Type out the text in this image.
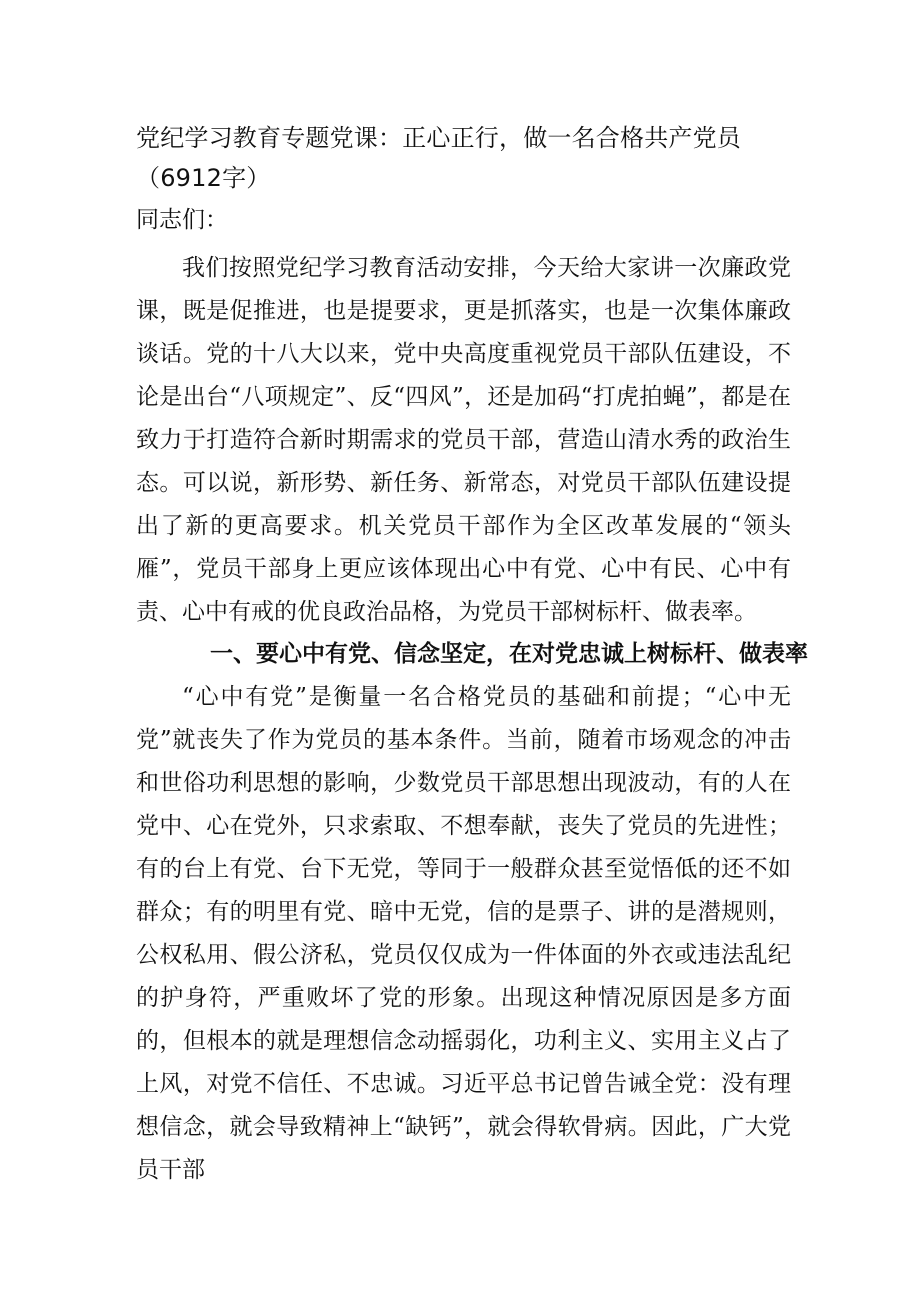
党纪学习教育专题党课：正心正行，做一名合格共产党员（6912字）
同志们：
我们按照党纪学习教育活动安排，今天给大家讲一次廉政党课，既是促推进，也是提要求，更是抓落实，也是一次集体廉政谈话。党的十八大以来，党中央高度重视党员干部队伍建设，不论是出台“八项规定”、反“四风”，还是加码“打虎拍蝇”，都是在致力于打造符合新时期需求的党员干部，营造山清水秀的政治生态。可以说，新形势、新任务、新常态，对党员干部队伍建设提出了新的更高要求。机关党员干部作为全区改革发展的“领头雁”，党员干部身上更应该体现出心中有党、心中有民、心中有责、心中有戒的优良政治品格，为党员干部树标杆、做表率。
一、要心中有党、信念坚定，在对党忠诚上树标杆、做表率
“心中有党”是衡量一名合格党员的基础和前提；“心中无党”就丧失了作为党员的基本条件。当前，随着市场观念的冲击和世俗功利思想的影响，少数党员干部思想出现波动，有的人在党中、心在党外，只求索取、不想奉献，丧失了党员的先进性；有的台上有党、台下无党，等同于一般群众甚至觉悟低的还不如群众；有的明里有党、暗中无党，信的是票子、讲的是潜规则，公权私用、假公济私，党员仅仅成为一件体面的外衣或违法乱纪的护身符，严重败坏了党的形象。出现这种情况原因是多方面的，但根本的就是理想信念动摇弱化，功利主义、实用主义占了上风，对党不信任、不忠诚。习近平总书记曾告诫全党：没有理想信念，就会导致精神上“缺钙”，就会得软骨病。因此，广大党员干部
